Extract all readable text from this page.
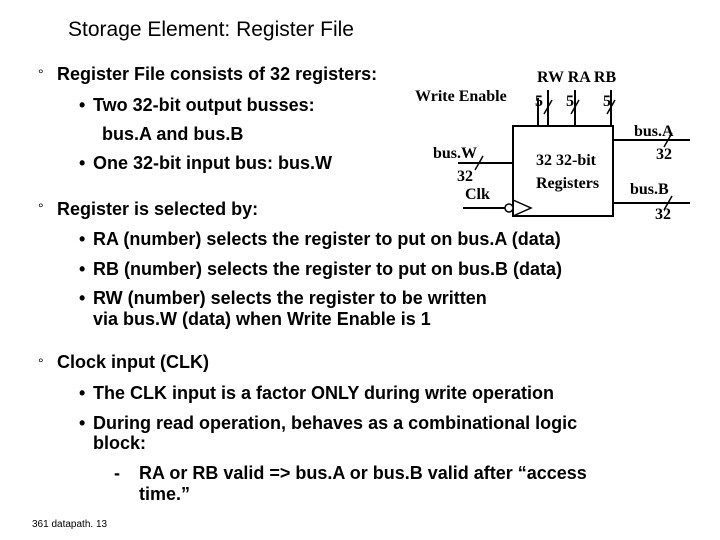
Storage Element: Register File
° Register File consists of 32 registers:
• Two 32-bit output busses:
bus.A and bus.B
• One 32-bit input bus: bus.W
° Register is selected by:
• RA (number) selects the register to put on bus.A (data)
• RB (number) selects the register to put on bus.B (data)
• RW (number) selects the register to be written
via bus.W (data) when Write Enable is 1
° Clock input (CLK)
• The CLK input is a factor ONLY during write operation
• During read operation, behaves as a combinational logic
block:
- RA or RB valid => bus.A or bus.B valid after “access
time.”
RW RA RB
Write Enable 5 5 5
bus.A
32
bus.W
32
Clk
32 32-bit
Registers bus.B
32
361 datapath. 13
